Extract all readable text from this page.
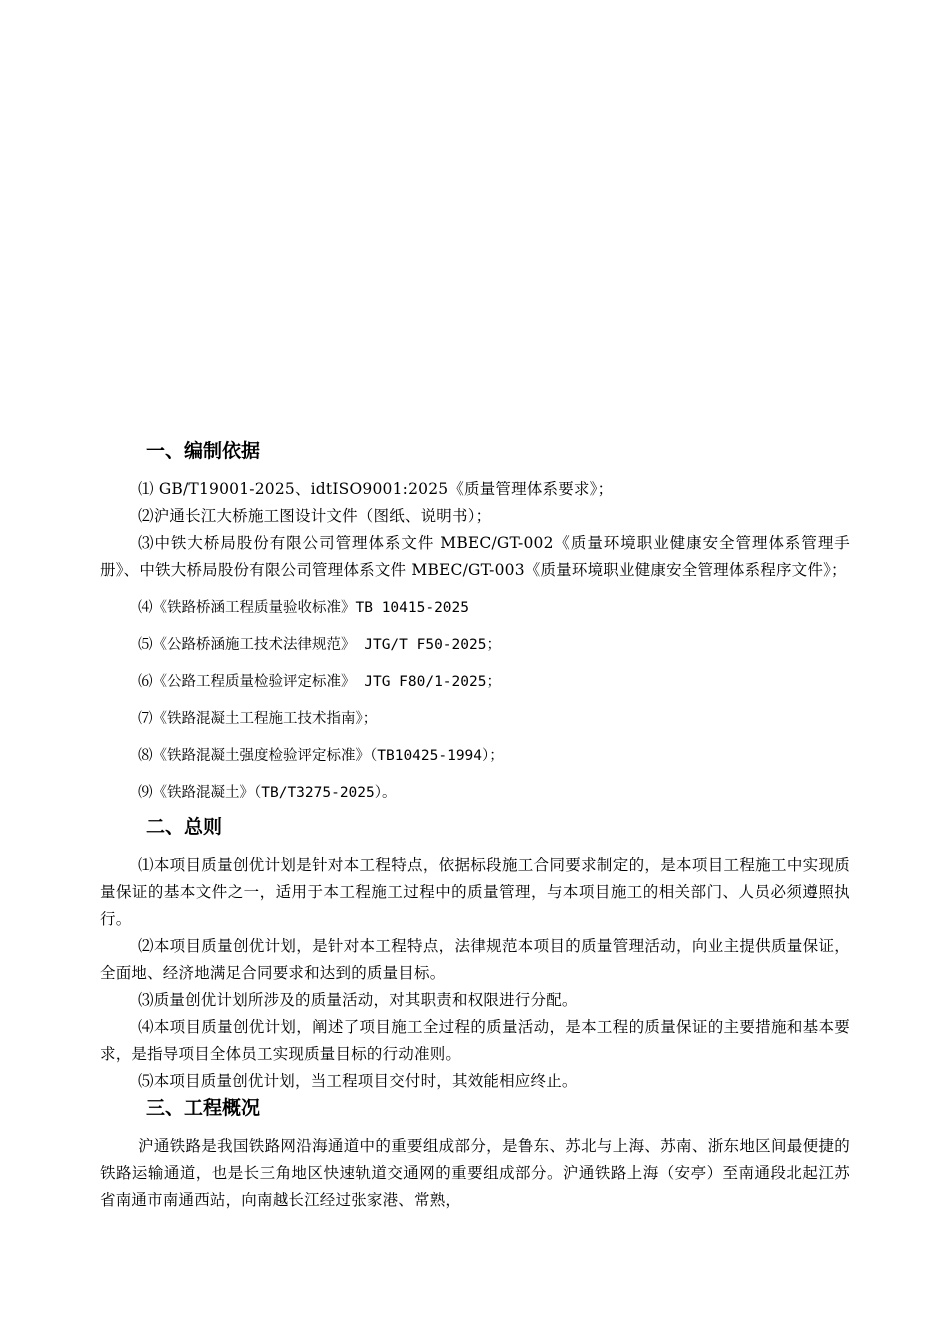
一、编制依据

⑴ GB/T19001-2025、idtISO9001:2025《质量管理体系要求》；

⑵沪通长江大桥施工图设计文件（图纸、说明书）；

⑶中铁大桥局股份有限公司管理体系文件 MBEC/GT-002《质量环境职业健康安全管理体系管理手册》、中铁大桥局股份有限公司管理体系文件 MBEC/GT-003《质量环境职业健康安全管理体系程序文件》；

⑷《铁路桥涵工程质量验收标准》TB 10415-2025

⑸《公路桥涵施工技术法律规范》 JTG/T F50-2025；

⑹《公路工程质量检验评定标准》 JTG F80/1-2025；

⑺《铁路混凝土工程施工技术指南》；

⑻《铁路混凝土强度检验评定标准》（TB10425-1994）；

⑼《铁路混凝土》（TB/T3275-2025）。

二、总则

⑴本项目质量创优计划是针对本工程特点，依据标段施工合同要求制定的，是本项目工程施工中实现质量保证的基本文件之一，适用于本工程施工过程中的质量管理，与本项目施工的相关部门、人员必须遵照执行。

⑵本项目质量创优计划，是针对本工程特点，法律规范本项目的质量管理活动，向业主提供质量保证，全面地、经济地满足合同要求和达到的质量目标。

⑶质量创优计划所涉及的质量活动，对其职责和权限进行分配。

⑷本项目质量创优计划，阐述了项目施工全过程的质量活动，是本工程的质量保证的主要措施和基本要求，是指导项目全体员工实现质量目标的行动准则。

⑸本项目质量创优计划，当工程项目交付时，其效能相应终止。

三、工程概况

沪通铁路是我国铁路网沿海通道中的重要组成部分，是鲁东、苏北与上海、苏南、浙东地区间最便捷的铁路运输通道，也是长三角地区快速轨道交通网的重要组成部分。沪通铁路上海（安亭）至南通段北起江苏省南通市南通西站，向南越长江经过张家港、常熟，
